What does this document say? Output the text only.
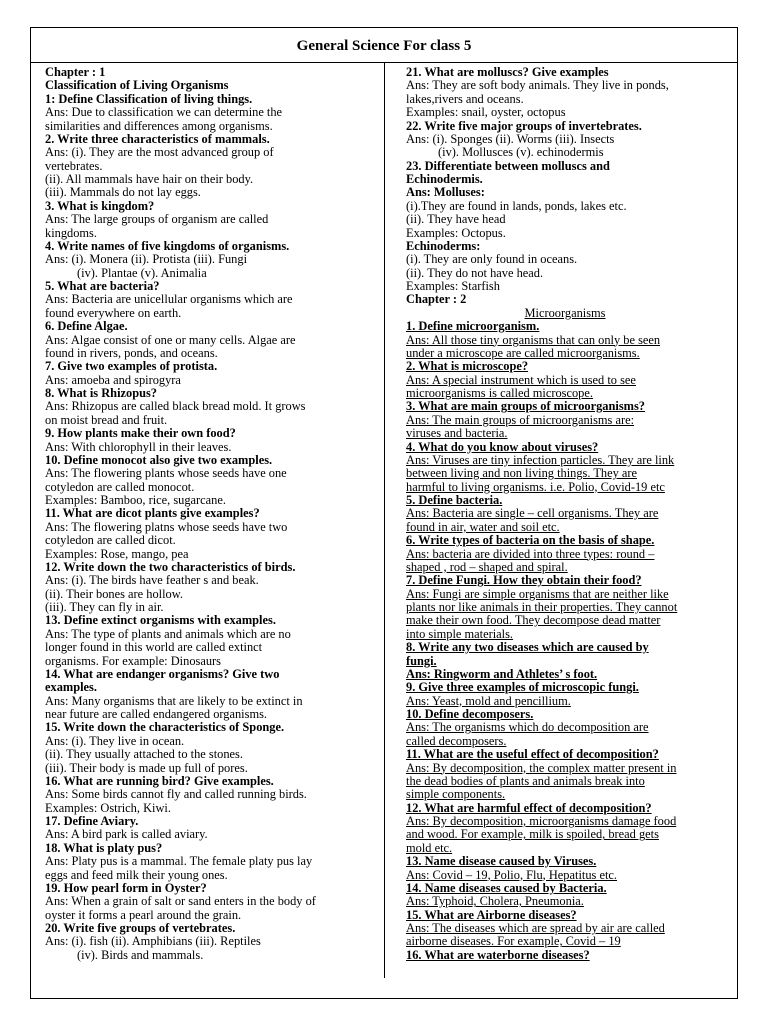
General Science For class 5
Chapter : 1
Classification of Living Organisms
1: Define Classification of living things.
Ans: Due to classification we can determine the
similarities and differences among organisms.
2. Write three characteristics of mammals.
Ans: (i). They are the most advanced group of
vertebrates.
(ii). All mammals have hair on their body.
(iii). Mammals do not lay eggs.
3. What is kingdom?
Ans: The large groups of organism are called
kingdoms.
4. Write names of five kingdoms of organisms.
Ans: (i). Monera (ii). Protista (iii). Fungi
(iv). Plantae (v). Animalia
5. What are bacteria?
Ans: Bacteria are unicellular organisms which are
found everywhere on earth.
6. Define Algae.
Ans: Algae consist of one or many cells. Algae are
found in rivers, ponds, and oceans.
7. Give two examples of protista.
Ans: amoeba and spirogyra
8. What is Rhizopus?
Ans: Rhizopus are called black bread mold. It grows
on moist bread and fruit.
9. How plants make their own food?
Ans: With chlorophyll in their leaves.
10. Define monocot also give two examples.
Ans: The flowering plants whose seeds have one
cotyledon are called monocot.
Examples: Bamboo, rice, sugarcane.
11. What are dicot plants give examples?
Ans: The flowering platns whose seeds have two
cotyledon are called dicot.
Examples: Rose, mango, pea
12. Write down the two characteristics of birds.
Ans: (i). The birds have feather s and beak.
(ii). Their bones are hollow.
(iii). They can fly in air.
13. Define extinct organisms with examples.
Ans: The type of plants and animals which are no
longer found in this world are called extinct
organisms. For example: Dinosaurs
14. What are endanger organisms? Give two
examples.
Ans: Many organisms that are likely to be extinct in
near future are called endangered organisms.
15. Write down the characteristics of Sponge.
Ans: (i). They live in ocean.
(ii). They usually attached to the stones.
(iii). Their body is made up full of pores.
16. What are running bird? Give examples.
Ans: Some birds cannot fly and called running birds.
Examples: Ostrich, Kiwi.
17. Define Aviary.
Ans: A bird park is called aviary.
18. What is platy pus?
Ans: Platy pus is a mammal. The female platy pus lay
eggs and feed milk their young ones.
19. How pearl form in Oyster?
Ans: When a grain of salt or sand enters in the body of
oyster it forms a pearl around the grain.
20. Write five groups of vertebrates.
Ans: (i). fish (ii). Amphibians (iii). Reptiles
(iv). Birds and mammals.
21. What are molluscs? Give examples
Ans: They are soft body animals. They live in ponds,
lakes,rivers and oceans.
Examples: snail, oyster, octopus
22. Write five major groups of invertebrates.
Ans: (i). Sponges (ii). Worms (iii). Insects
(iv). Mollusces (v). echinodermis
23. Differentiate between molluscs and
Echinodermis.
Ans: Molluses:
(i).They are found in lands, ponds, lakes etc.
(ii). They have head
Examples: Octopus.
Echinoderms:
(i). They are only found in oceans.
(ii). They do not have head.
Examples: Starfish
Chapter : 2
Microorganisms
1. Define microorganism.
Ans: All those tiny organisms that can only be seen
under a microscope are called microorganisms.
2. What is microscope?
Ans: A special instrument which is used to see
microorganisms is called microscope.
3. What are main groups of microorganisms?
Ans: The main groups of microorganisms are:
viruses and bacteria.
4. What do you know about viruses?
Ans: Viruses are tiny infection particles. They are link
between living and non living things. They are
harmful to living organisms. i.e. Polio, Covid-19 etc
5. Define bacteria.
Ans: Bacteria are single – cell organisms. They are
found in air, water and soil etc.
6. Write types of bacteria on the basis of shape.
Ans: bacteria are divided into three types: round –
shaped , rod – shaped and spiral.
7. Define Fungi. How they obtain their food?
Ans: Fungi are simple organisms that are neither like
plants nor like animals in their properties. They cannot
make their own food. They decompose dead matter
into simple materials.
8. Write any two diseases which are caused by
fungi.
Ans: Ringworm and Athletes’ s foot.
9. Give three examples of microscopic fungi.
Ans: Yeast, mold and pencillium.
10. Define decomposers.
Ans: The organisms which do decomposition are
called decomposers.
11. What are the useful effect of decomposition?
Ans: By decomposition, the complex matter present in
the dead bodies of plants and animals break into
simple components.
12. What are harmful effect of decomposition?
Ans: By decomposition, microorganisms damage food
and wood. For example, milk is spoiled, bread gets
mold etc.
13. Name disease caused by Viruses.
Ans: Covid – 19, Polio, Flu, Hepatitus etc.
14. Name diseases caused by Bacteria.
Ans: Typhoid, Cholera, Pneumonia.
15. What are Airborne diseases?
Ans: The diseases which are spread by air are called
airborne diseases. For example, Covid – 19
16. What are waterborne diseases?
